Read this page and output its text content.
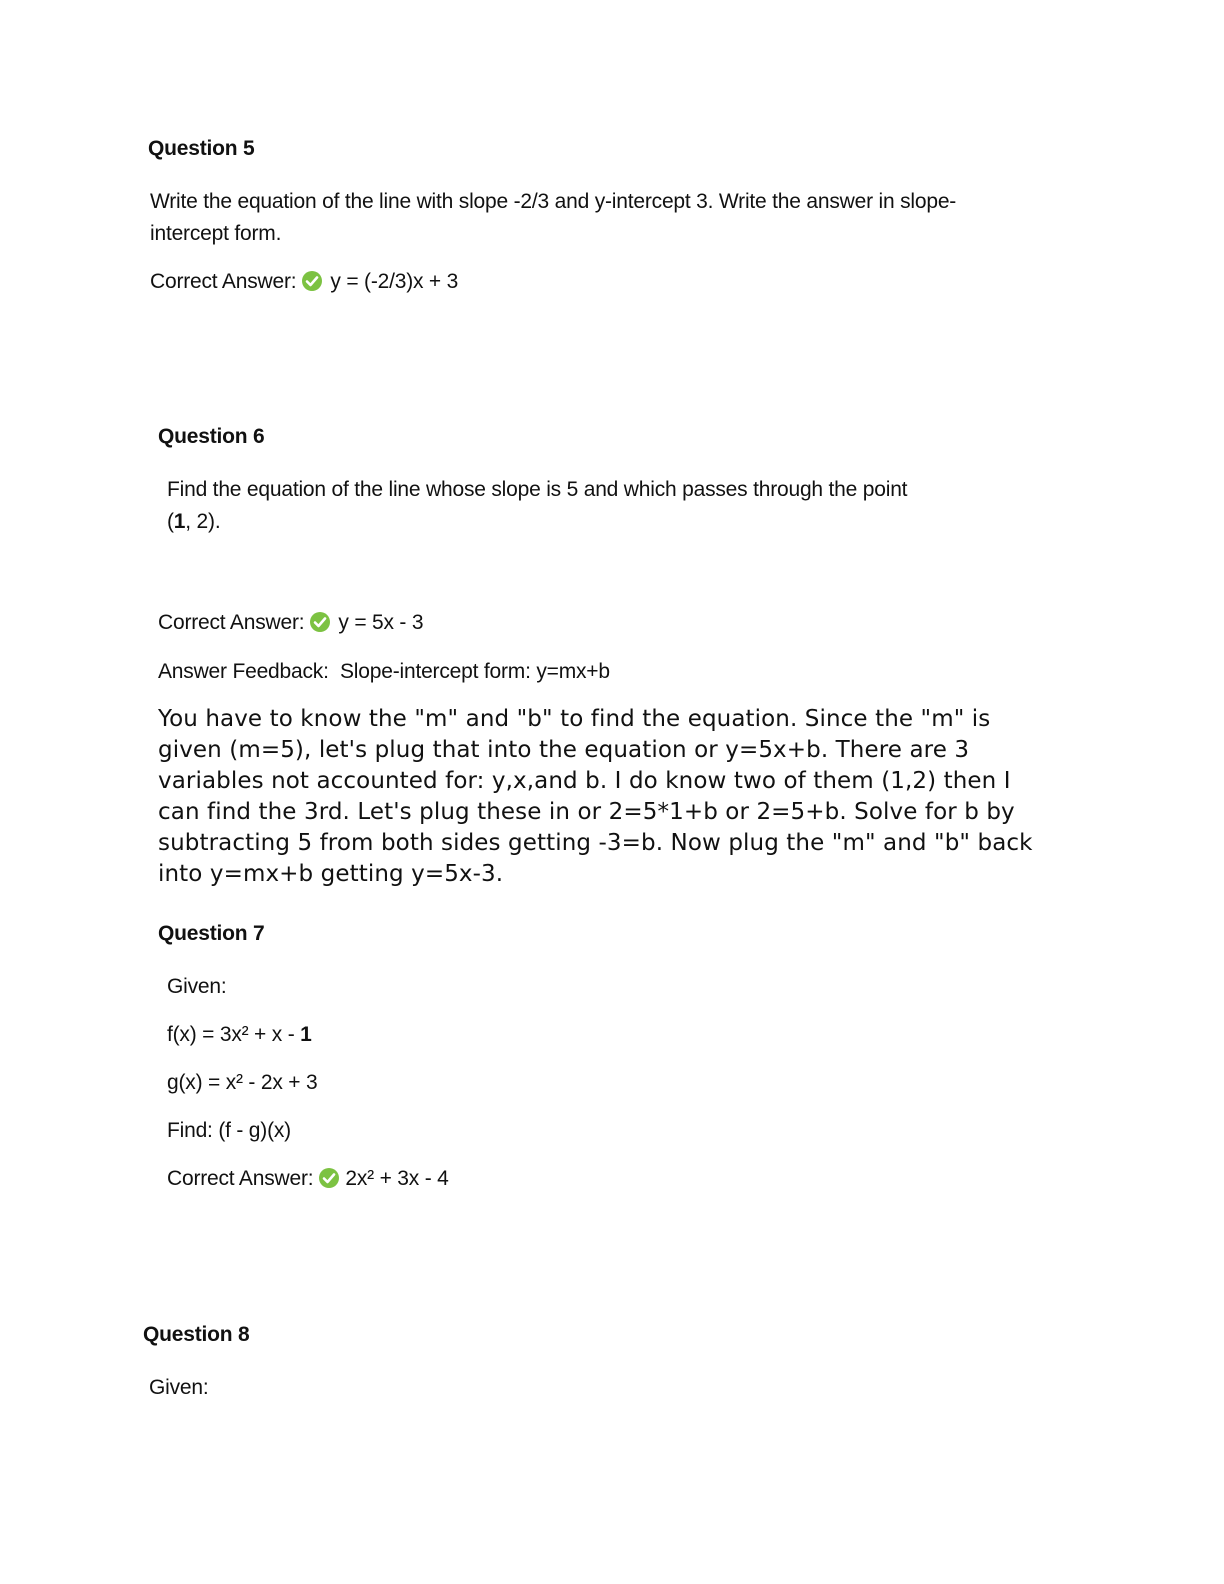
Question 5
Write the equation of the line with slope -2/3 and y-intercept 3. Write the answer in slope-intercept form.
Correct Answer: y = (-2/3)x + 3
Question 6
Find the equation of the line whose slope is 5 and which passes through the point
(1, 2).
Correct Answer: y = 5x - 3
Answer Feedback: Slope-intercept form: y=mx+b
You have to know the "m" and "b" to find the equation. Since the "m" is given (m=5), let's plug that into the equation or y=5x+b. There are 3 variables not accounted for: y,x,and b. I do know two of them (1,2) then I can find the 3rd. Let's plug these in or 2=5*1+b or 2=5+b. Solve for b by subtracting 5 from both sides getting -3=b. Now plug the "m" and "b" back into y=mx+b getting y=5x-3.
Question 7
Given:
f(x) = 3x² + x - 1
g(x) = x² - 2x + 3
Find: (f - g)(x)
Correct Answer: 2x² + 3x - 4
Question 8
Given:
